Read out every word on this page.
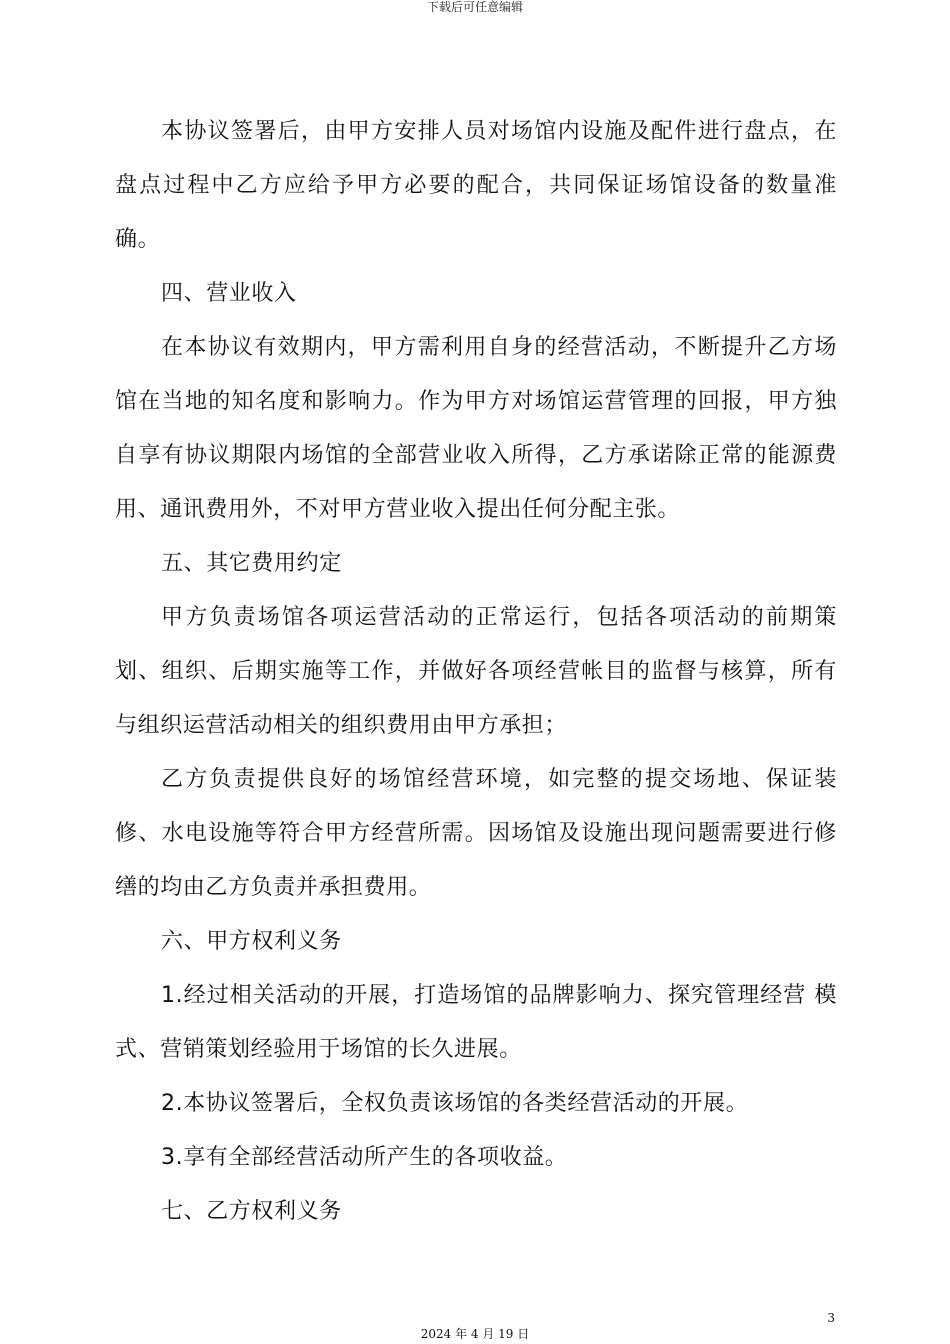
下载后可任意编辑

本协议签署后，由甲方安排人员对场馆内设施及配件进行盘点，在盘点过程中乙方应给予甲方必要的配合，共同保证场馆设备的数量准确。

四、营业收入

在本协议有效期内，甲方需利用自身的经营活动，不断提升乙方场馆在当地的知名度和影响力。作为甲方对场馆运营管理的回报，甲方独自享有协议期限内场馆的全部营业收入所得，乙方承诺除正常的能源费用、通讯费用外，不对甲方营业收入提出任何分配主张。

五、其它费用约定

甲方负责场馆各项运营活动的正常运行，包括各项活动的前期策划、组织、后期实施等工作，并做好各项经营帐目的监督与核算，所有与组织运营活动相关的组织费用由甲方承担；

乙方负责提供良好的场馆经营环境，如完整的提交场地、保证装修、水电设施等符合甲方经营所需。因场馆及设施出现问题需要进行修缮的均由乙方负责并承担费用。

六、甲方权利义务

1.经过相关活动的开展，打造场馆的品牌影响力、探究管理经营 模式、营销策划经验用于场馆的长久进展。

2.本协议签署后，全权负责该场馆的各类经营活动的开展。

3.享有全部经营活动所产生的各项收益。

七、乙方权利义务

3
2024 年 4 月 19 日
